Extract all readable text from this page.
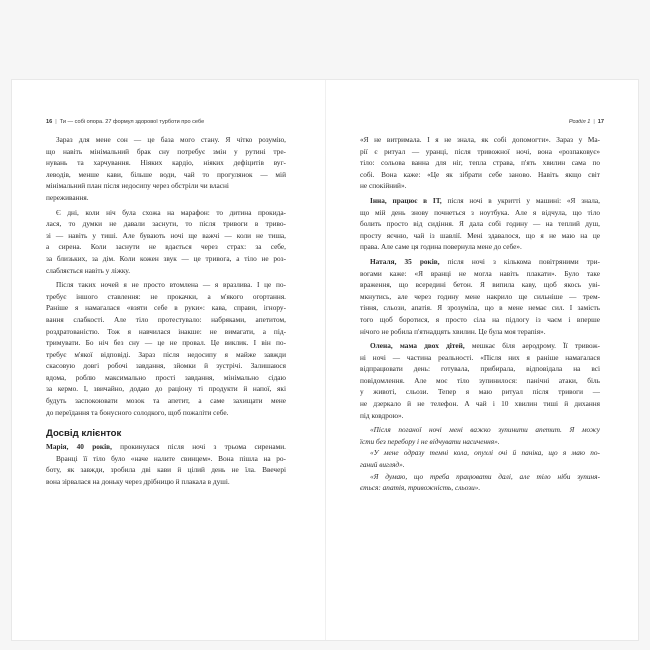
16 | Ти — собі опора. 27 формул здорової турботи про себе
Зараз для мене сон — це база мого стану. Я чітко розумію,
що навіть мінімальний брак сну потребує змін у рутині тре-
нувань та харчування. Ніяких кардіо, ніяких дефіцитів вуг-
леводів, менше кави, більше води, чай то прогулянок — мій
мінімальний план після недосипу через обстріли чи власні
переживання.
Є дні, коли ніч була схожа на марафон: то дитина прокида-
лася, то думки не давали заснути, то після тривоги в триво-
зі — навіть у тиші. Але бувають ночі ще важчі — коли не тиша,
а сирена. Коли заснути не вдається через страх: за себе,
за близьких, за дім. Коли кожен звук — це тривога, а тіло не роз-
слабляється навіть у ліжку.
Після таких ночей я не просто втомлена — я вразлива. І це по-
требує іншого ставлення: не прокачки, а м'якого огортання.
Раніше я намагалася «взяти себе в руки»: кава, справи, ігнору-
вання слабкості. Але тіло протестувало: набряками, апетитом,
роздратованістю. Тож я навчилася інакше: не вимагати, а під-
тримувати. Бо ніч без сну — це не провал. Це виклик. І він по-
требує м'якої відповіді. Зараз після недосипу я майже завжди
скасовую довгі робочі завдання, зйомки й зустрічі. Залишаюся
вдома, роблю максимально прості завдання, мінімально сідаю
за кермо. І, звичайно, додаю до раціону ті продукти й напої, які
будуть заспокоювати мозок та апетит, а саме захищати мене
до переїдання та бонусного солодкого, щоб пожаліти себе.
Досвід клієнток
Марія, 40 років, прокинулася після ночі з трьома сиренами.
Вранці її тіло було «наче налите свинцем». Вона пішла на ро-
боту, як завжди, зробила дві кави й цілий день не їла. Ввечері
вона зірвалася на доньку через дрібницю й плакала в душі.
Розділ 1 | 17
«Я не витримала. І я не знала, як собі допомогти». Зараз у Ма-
рії є ритуал — уранці, після тривожної ночі, вона «розпаковує»
тіло: сольова ванна для ніг, тепла страва, п'ять хвилин сама по
собі. Вона каже: «Це як зібрати себе заново. Навіть якщо світ
не спокійний».
Інна, працює в ІТ, після ночі в укритті у машині: «Я знала,
що мій день знову почнеться з ноутбука. Але я відчула, що тіло
болить просто від сидіння. Я дала собі годину — на теплий душ,
просту яєчню, чай із шавлії. Мені здавалося, що я не маю на це
права. Але саме ця година повернула мене до себе».
Наталя, 35 років, після ночі з кількома повітряними три-
вогами каже: «Я вранці не могла навіть плакати». Було таке
враження, що всередині бетон. Я випила каву, щоб якось уві-
мкнутись, але через годину мене накрило ще сильніше — трем-
тіння, сльози, апатія. Я зрозуміла, що в мене немає сил. І замість
того щоб боротися, я просто сіла на підлогу із чаєм і вперше
нічого не робила п'ятнадцять хвилин. Це була моя терапія».
Олена, мама двох дітей, мешкає біля аеродрому. Її тривож-
ні ночі — частина реальності. «Після них я раніше намагалася
відпрацювати день: готувала, прибирала, відповідала на всі
повідомлення. Але моє тіло зупинилося: панічні атаки, біль
у животі, сльози. Тепер я маю ритуал після тривоги —
не дзеркало й не телефон. А чай і 10 хвилин тиші й дихання
під ковдрою».
«Після поганої ночі мені важко зупинити апетит. Я можу
їсти без перебору і не відчувати насичення».
«У мене одразу темні кола, опухлі очі й паніка, що я маю по-
ганий вигляд».
«Я думаю, що треба працювати далі, але тіло ніби зупиня-
ється: апатія, тривожність, сльози».
